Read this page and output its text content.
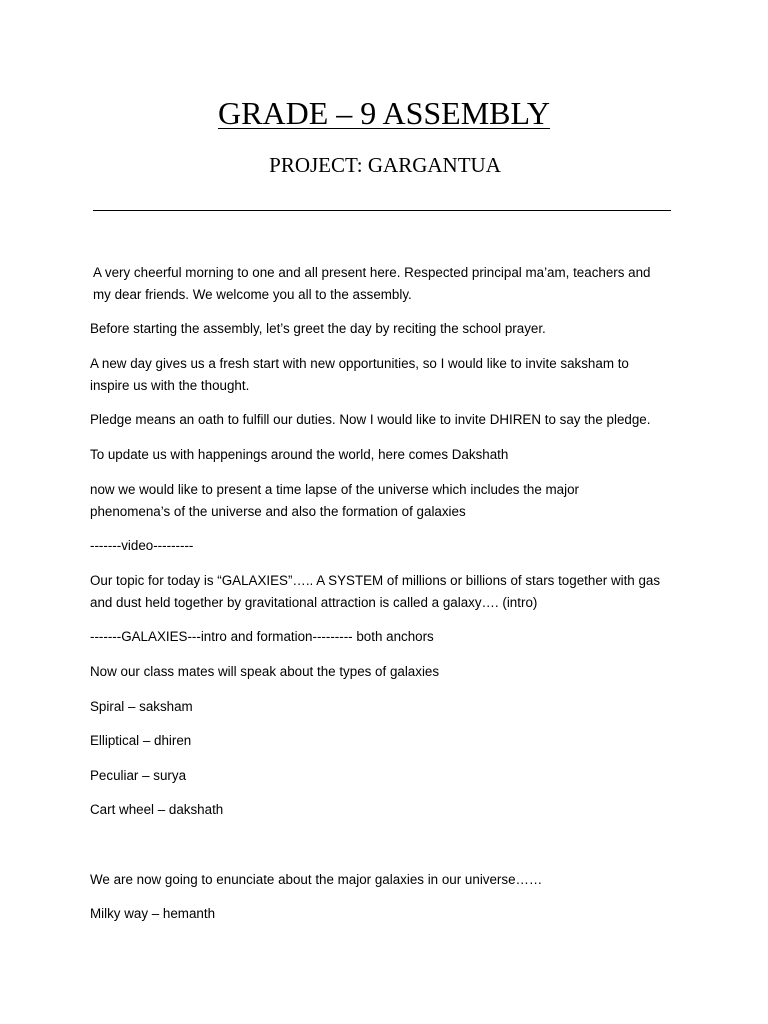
GRADE – 9 ASSEMBLY
PROJECT: GARGANTUA

A very cheerful morning to one and all present here. Respected principal ma’am, teachers and
my dear friends. We welcome you all to the assembly.

Before starting the assembly, let’s greet the day by reciting the school prayer.

A new day gives us a fresh start with new opportunities, so I would like to invite saksham to
inspire us with the thought.

Pledge means an oath to fulfill our duties. Now I would like to invite DHIREN to say the pledge.

To update us with happenings around the world, here comes Dakshath

now we would like to present a time lapse of the universe which includes the major
phenomena’s of the universe and also the formation of galaxies

-------video---------

Our topic for today is “GALAXIES”….. A SYSTEM of millions or billions of stars together with gas
and dust held together by gravitational attraction is called a galaxy…. (intro)

-------GALAXIES---intro and formation--------- both anchors

Now our class mates will speak about the types of galaxies

Spiral – saksham

Elliptical – dhiren

Peculiar – surya

Cart wheel – dakshath

We are now going to enunciate about the major galaxies in our universe……

Milky way – hemanth
